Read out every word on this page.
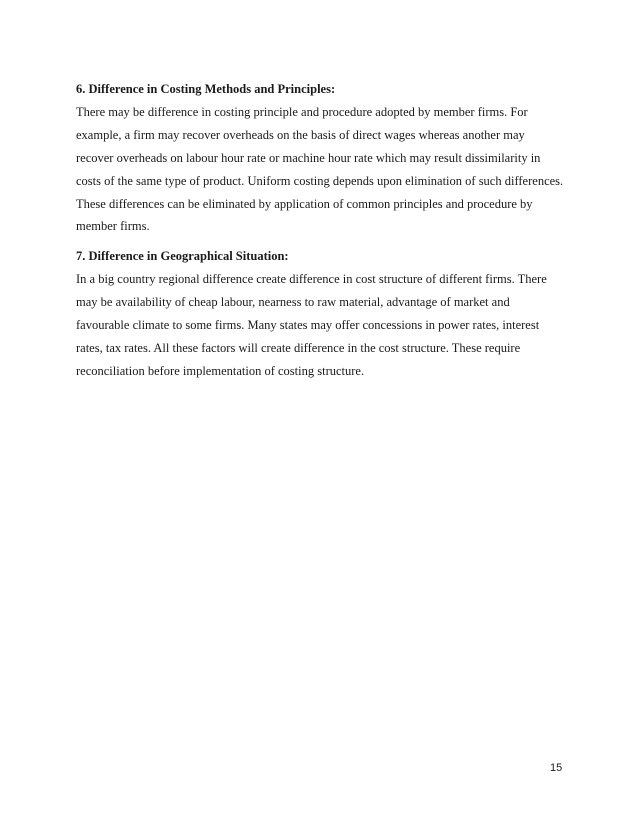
6. Difference in Costing Methods and Principles:
There may be difference in costing principle and procedure adopted by member firms. For
example, a firm may recover overheads on the basis of direct wages whereas another may
recover overheads on labour hour rate or machine hour rate which may result dissimilarity in
costs of the same type of product. Uniform costing depends upon elimination of such differences.
These differences can be eliminated by application of common principles and procedure by
member firms.
7. Difference in Geographical Situation:
In a big country regional difference create difference in cost structure of different firms. There
may be availability of cheap labour, nearness to raw material, advantage of market and
favourable climate to some firms. Many states may offer concessions in power rates, interest
rates, tax rates. All these factors will create difference in the cost structure. These require
reconciliation before implementation of costing structure.
15
